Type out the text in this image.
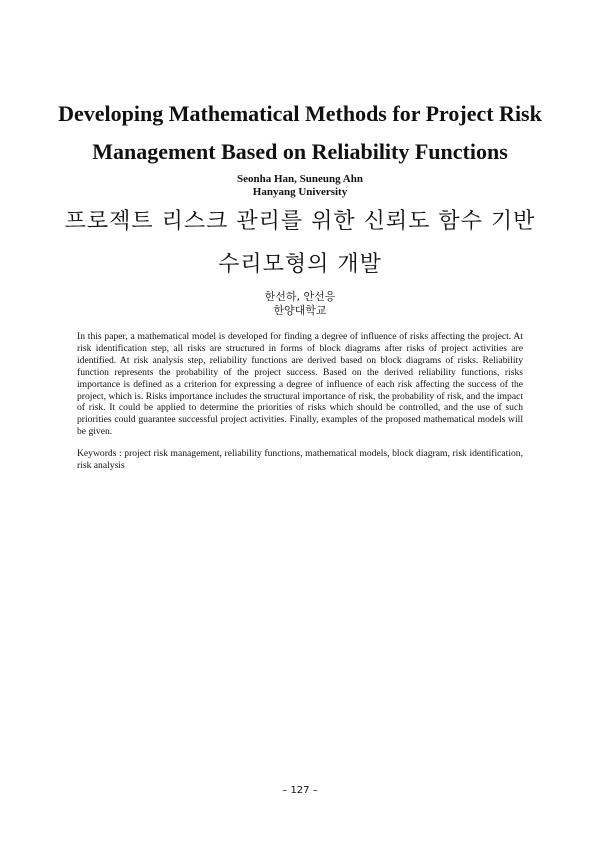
Developing Mathematical Methods for Project Risk
Management Based on Reliability Functions
Seonha Han, Suneung Ahn
Hanyang University
프로젝트 리스크 관리를 위한 신뢰도 함수 기반
수리모형의 개발
한선하, 안선응
한양대학교

In this paper, a mathematical model is developed for finding a degree of influence of risks affecting the project. At risk identification step, all risks are structured in forms of block diagrams after risks of project activities are identified. At risk analysis step, reliability functions are derived based on block diagrams of risks. Reliability function represents the probability of the project success. Based on the derived reliability functions, risks importance is defined as a criterion for expressing a degree of influence of each risk affecting the success of the project, which is. Risks importance includes the structural importance of risk, the probability of risk, and the impact of risk. It could be applied to determine the priorities of risks which should be controlled, and the use of such priorities could guarantee successful project activities. Finally, examples of the proposed mathematical models will be given.

Keywords : project risk management, reliability functions, mathematical models, block diagram, risk identification, risk analysis

– 127 –
